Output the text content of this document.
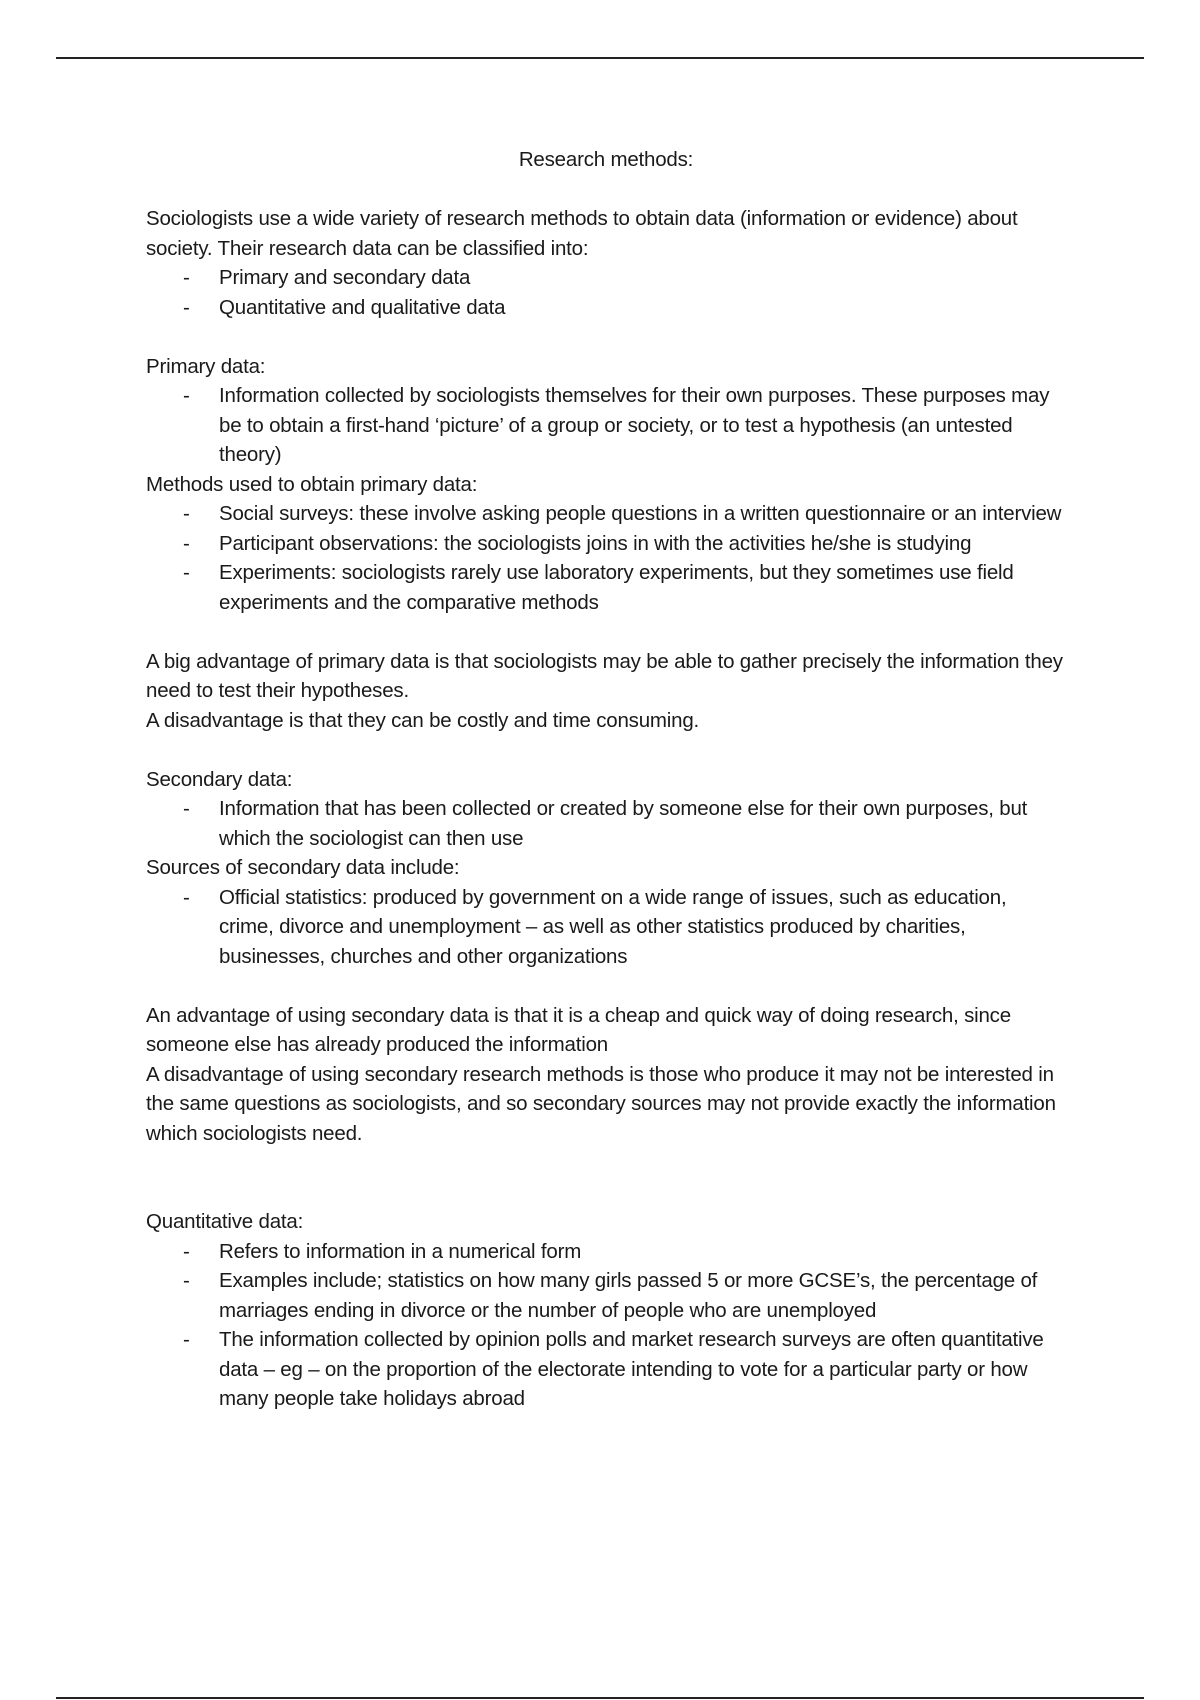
Research methods:

Sociologists use a wide variety of research methods to obtain data (information or evidence) about society. Their research data can be classified into:

- Primary and secondary data
- Quantitative and qualitative data

Primary data:

- Information collected by sociologists themselves for their own purposes. These purposes may be to obtain a first-hand ‘picture’ of a group or society, or to test a hypothesis (an untested theory)

Methods used to obtain primary data:

- Social surveys: these involve asking people questions in a written questionnaire or an interview
- Participant observations: the sociologists joins in with the activities he/she is studying
- Experiments: sociologists rarely use laboratory experiments, but they sometimes use field experiments and the comparative methods

A big advantage of primary data is that sociologists may be able to gather precisely the information they need to test their hypotheses.

A disadvantage is that they can be costly and time consuming.

Secondary data:

- Information that has been collected or created by someone else for their own purposes, but which the sociologist can then use

Sources of secondary data include:

- Official statistics: produced by government on a wide range of issues, such as education, crime, divorce and unemployment – as well as other statistics produced by charities, businesses, churches and other organizations

An advantage of using secondary data is that it is a cheap and quick way of doing research, since someone else has already produced the information

A disadvantage of using secondary research methods is those who produce it may not be interested in the same questions as sociologists, and so secondary sources may not provide exactly the information which sociologists need.

Quantitative data:

- Refers to information in a numerical form
- Examples include; statistics on how many girls passed 5 or more GCSE’s, the percentage of marriages ending in divorce or the number of people who are unemployed
- The information collected by opinion polls and market research surveys are often quantitative data – eg – on the proportion of the electorate intending to vote for a particular party or how many people take holidays abroad
